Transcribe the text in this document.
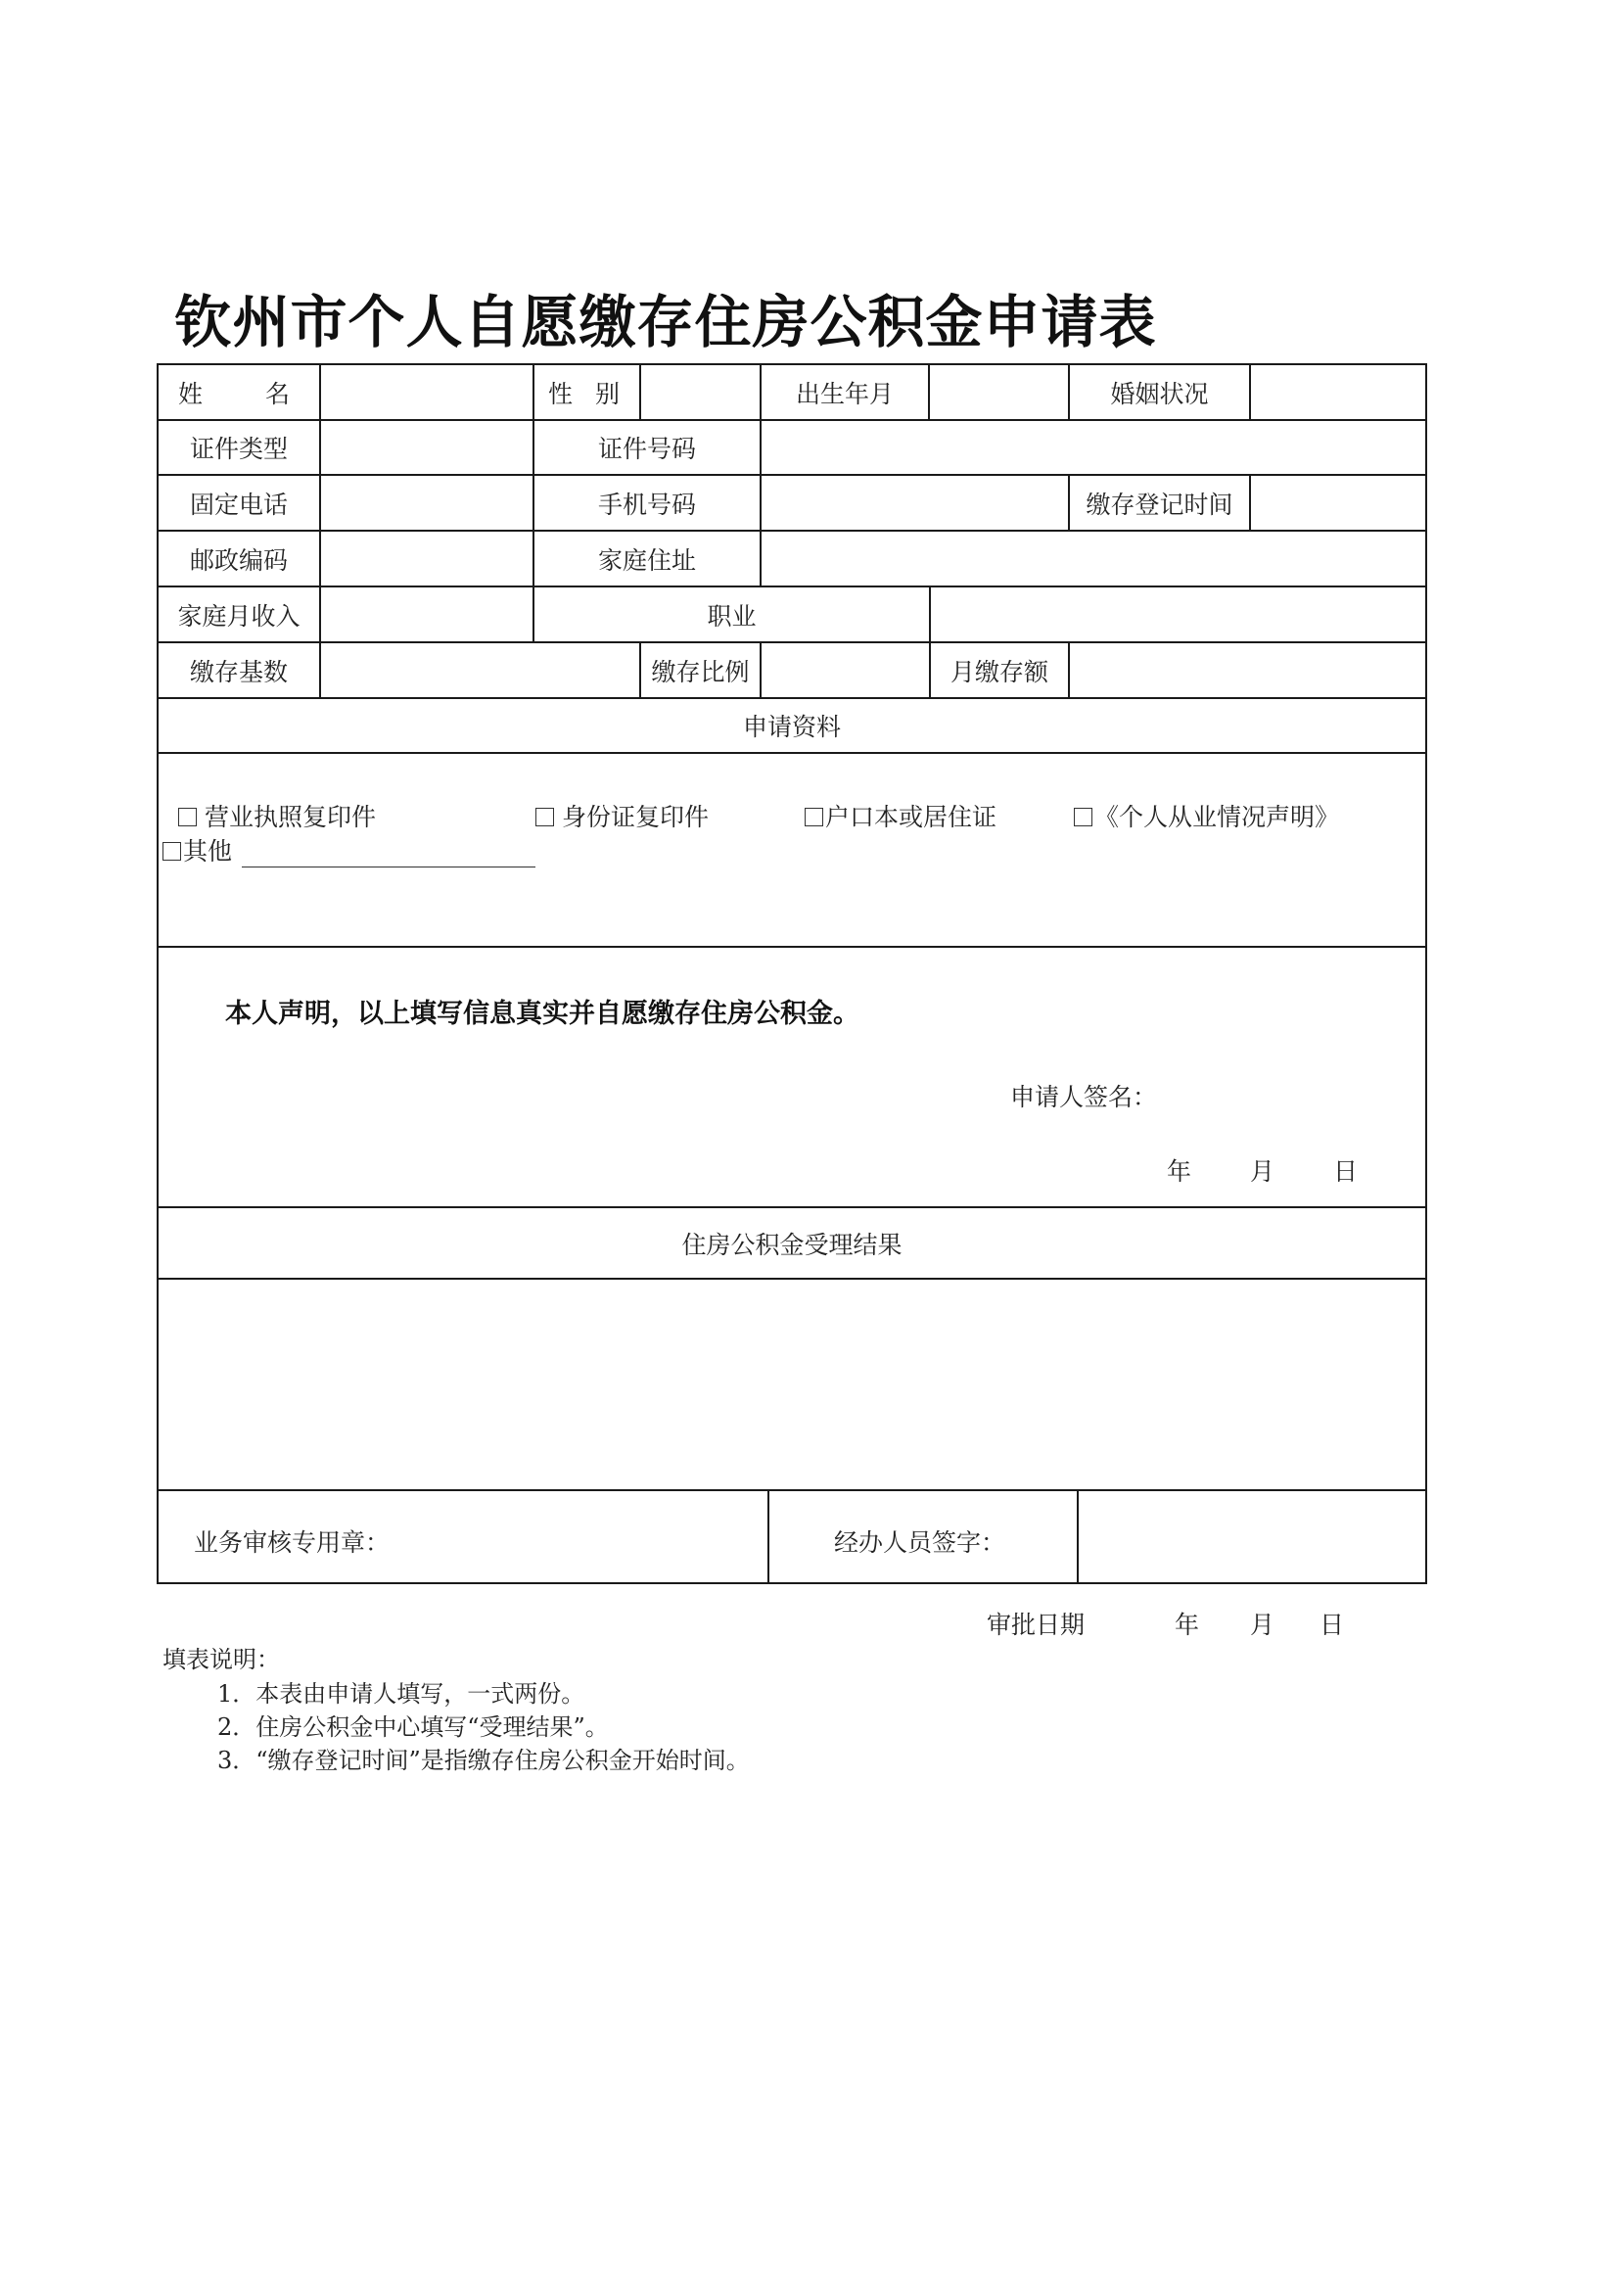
钦州市个人自愿缴存住房公积金申请表
姓	名	性 别	出生年月	婚姻状况
证件类型	证件号码
固定电话	手机号码	缴存登记时间
邮政编码	家庭住址
家庭月收入	职业
缴存基数	缴存比例	月缴存额
申请资料
营业执照复印件	身份证复印件	户口本或居住证	《个人从业情况声明》
其他
本人声明，以上填写信息真实并自愿缴存住房公积金。
申请人签名：
年 月 日
住房公积金受理结果
业务审核专用章：	经办人员签字：
审批日期	年 月 日
填表说明：
1．本表由申请人填写，一式两份。
2．住房公积金中心填写“受理结果”。
3．“缴存登记时间”是指缴存住房公积金开始时间。
